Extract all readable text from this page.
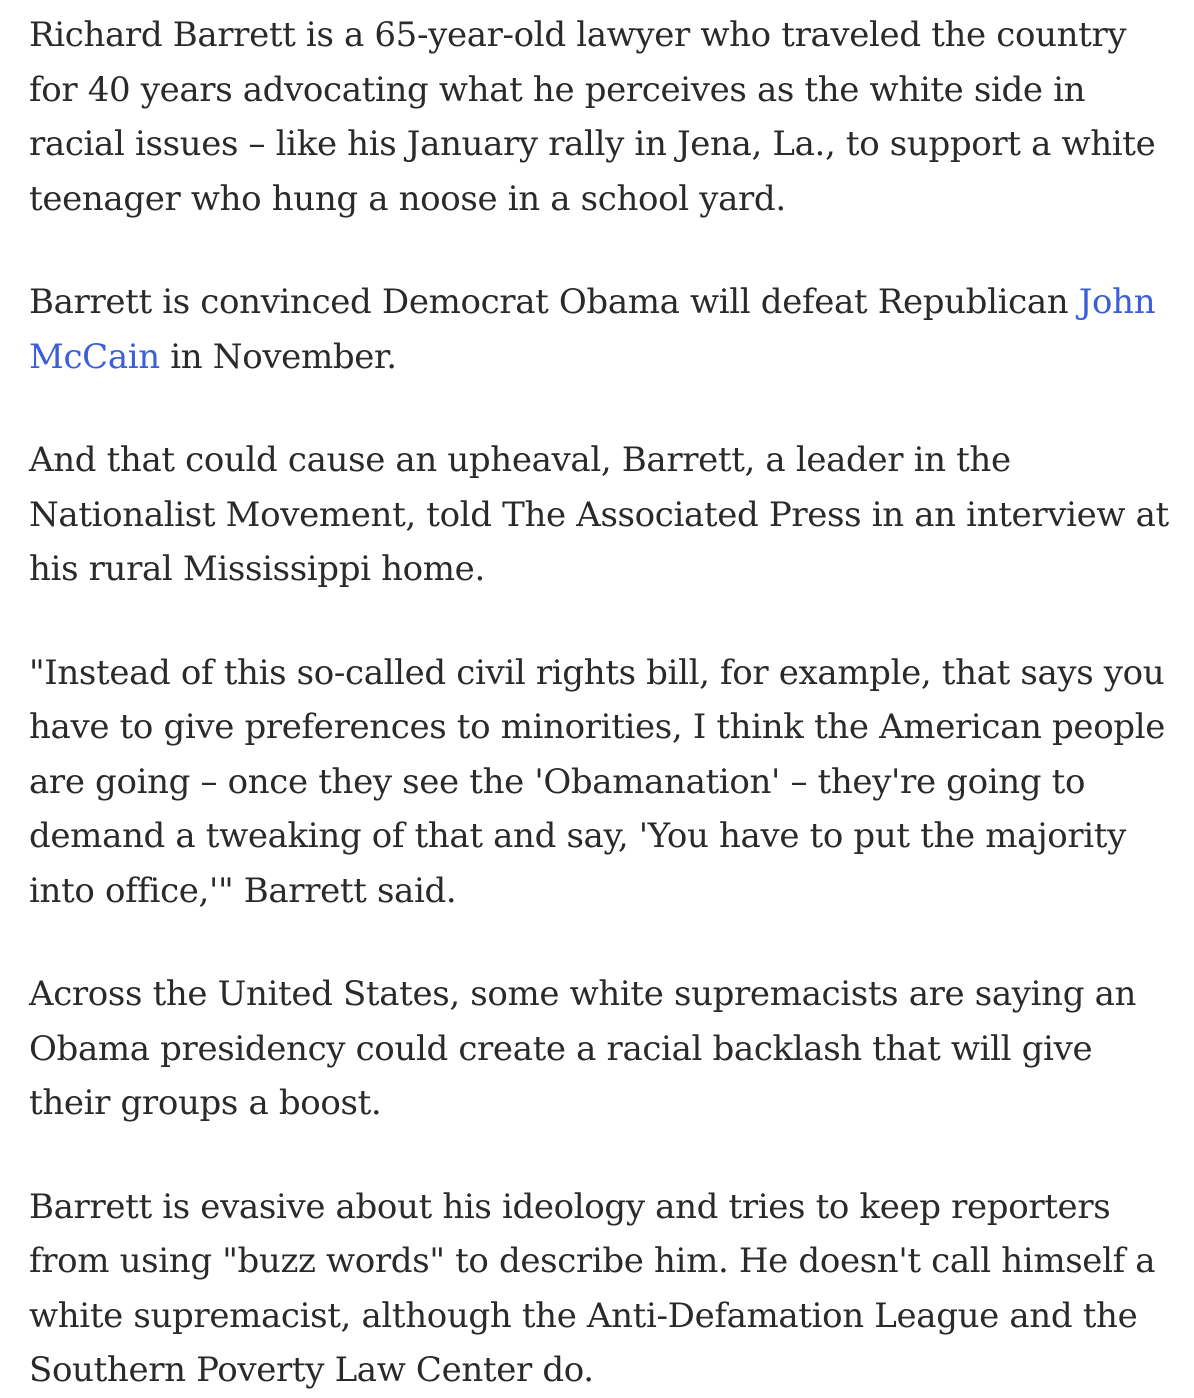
Richard Barrett is a 65-year-old lawyer who traveled the country for 40 years advocating what he perceives as the white side in racial issues – like his January rally in Jena, La., to support a white teenager who hung a noose in a school yard.

Barrett is convinced Democrat Obama will defeat Republican John McCain in November.

And that could cause an upheaval, Barrett, a leader in the Nationalist Movement, told The Associated Press in an interview at his rural Mississippi home.

"Instead of this so-called civil rights bill, for example, that says you have to give preferences to minorities, I think the American people are going – once they see the 'Obamanation' – they're going to demand a tweaking of that and say, 'You have to put the majority into office,'" Barrett said.

Across the United States, some white supremacists are saying an Obama presidency could create a racial backlash that will give their groups a boost.

Barrett is evasive about his ideology and tries to keep reporters from using "buzz words" to describe him. He doesn't call himself a white supremacist, although the Anti-Defamation League and the Southern Poverty Law Center do.
